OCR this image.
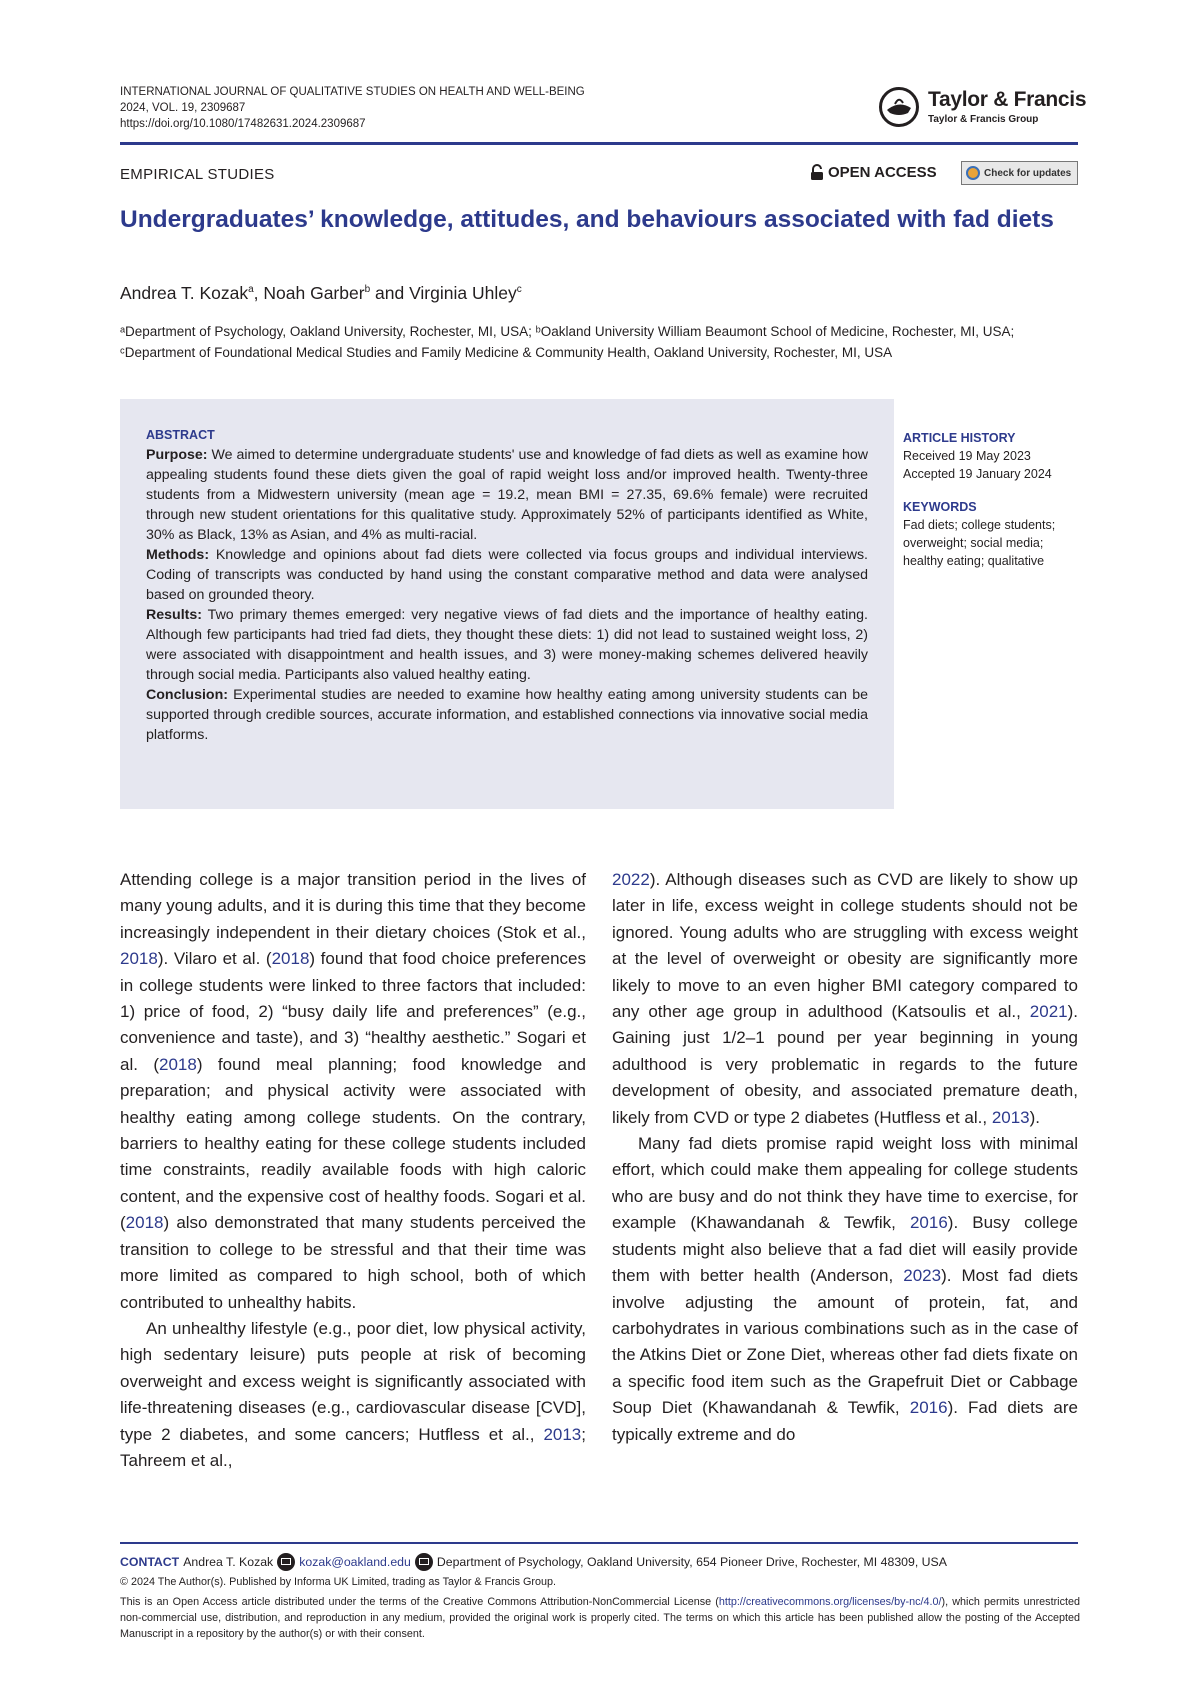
INTERNATIONAL JOURNAL OF QUALITATIVE STUDIES ON HEALTH AND WELL-BEING
2024, VOL. 19, 2309687
https://doi.org/10.1080/17482631.2024.2309687
Taylor & Francis
Taylor & Francis Group
EMPIRICAL STUDIES	OPEN ACCESS	Check for updates
Undergraduates’ knowledge, attitudes, and behaviours associated with fad diets
Andrea T. Kozak$^a$, Noah Garber$^b$ and Virginia Uhley$^c$
ᵃDepartment of Psychology, Oakland University, Rochester, MI, USA; ᵇOakland University William Beaumont School of Medicine, Rochester, MI, USA; ᶜDepartment of Foundational Medical Studies and Family Medicine & Community Health, Oakland University, Rochester, MI, USA
ABSTRACT
Purpose: We aimed to determine undergraduate students' use and knowledge of fad diets as well as examine how appealing students found these diets given the goal of rapid weight loss and/or improved health. Twenty-three students from a Midwestern university (mean age = 19.2, mean BMI = 27.35, 69.6% female) were recruited through new student orientations for this qualitative study. Approximately 52% of participants identified as White, 30% as Black, 13% as Asian, and 4% as multi-racial.
Methods: Knowledge and opinions about fad diets were collected via focus groups and individual interviews. Coding of transcripts was conducted by hand using the constant comparative method and data were analysed based on grounded theory.
Results: Two primary themes emerged: very negative views of fad diets and the importance of healthy eating. Although few participants had tried fad diets, they thought these diets: 1) did not lead to sustained weight loss, 2) were associated with disappointment and health issues, and 3) were money-making schemes delivered heavily through social media. Participants also valued healthy eating.
Conclusion: Experimental studies are needed to examine how healthy eating among university students can be supported through credible sources, accurate information, and established connections via innovative social media platforms.
ARTICLE HISTORY
Received 19 May 2023
Accepted 19 January 2024
KEYWORDS
Fad diets; college students; overweight; social media; healthy eating; qualitative

Attending college is a major transition period in the lives of many young adults, and it is during this time that they become increasingly independent in their dietary choices (Stok et al., 2018). Vilaro et al. (2018) found that food choice preferences in college students were linked to three factors that included: 1) price of food, 2) “busy daily life and preferences” (e.g., convenience and taste), and 3) “healthy aesthetic.” Sogari et al. (2018) found meal planning; food knowledge and preparation; and physical activity were associated with healthy eating among college students. On the contrary, barriers to healthy eating for these college students included time constraints, readily available foods with high caloric content, and the expensive cost of healthy foods. Sogari et al. (2018) also demonstrated that many students perceived the transition to college to be stressful and that their time was more limited as compared to high school, both of which contributed to unhealthy habits.

An unhealthy lifestyle (e.g., poor diet, low physical activity, high sedentary leisure) puts people at risk of becoming overweight and excess weight is significantly associated with life-threatening diseases (e.g., cardiovascular disease [CVD], type 2 diabetes, and some cancers; Hutfless et al., 2013; Tahreem et al.,

2022). Although diseases such as CVD are likely to show up later in life, excess weight in college students should not be ignored. Young adults who are struggling with excess weight at the level of overweight or obesity are significantly more likely to move to an even higher BMI category compared to any other age group in adulthood (Katsoulis et al., 2021). Gaining just 1/2–1 pound per year beginning in young adulthood is very problematic in regards to the future development of obesity, and associated premature death, likely from CVD or type 2 diabetes (Hutfless et al., 2013).

Many fad diets promise rapid weight loss with minimal effort, which could make them appealing for college students who are busy and do not think they have time to exercise, for example (Khawandanah & Tewfik, 2016). Busy college students might also believe that a fad diet will easily provide them with better health (Anderson, 2023). Most fad diets involve adjusting the amount of protein, fat, and carbohydrates in various combinations such as in the case of the Atkins Diet or Zone Diet, whereas other fad diets fixate on a specific food item such as the Grapefruit Diet or Cabbage Soup Diet (Khawandanah & Tewfik, 2016). Fad diets are typically extreme and do

CONTACT Andrea T. Kozak kozak@oakland.edu Department of Psychology, Oakland University, 654 Pioneer Drive, Rochester, MI 48309, USA
© 2024 The Author(s). Published by Informa UK Limited, trading as Taylor & Francis Group.
This is an Open Access article distributed under the terms of the Creative Commons Attribution-NonCommercial License (http://creativecommons.org/licenses/by-nc/4.0/), which permits unrestricted non-commercial use, distribution, and reproduction in any medium, provided the original work is properly cited. The terms on which this article has been published allow the posting of the Accepted Manuscript in a repository by the author(s) or with their consent.
